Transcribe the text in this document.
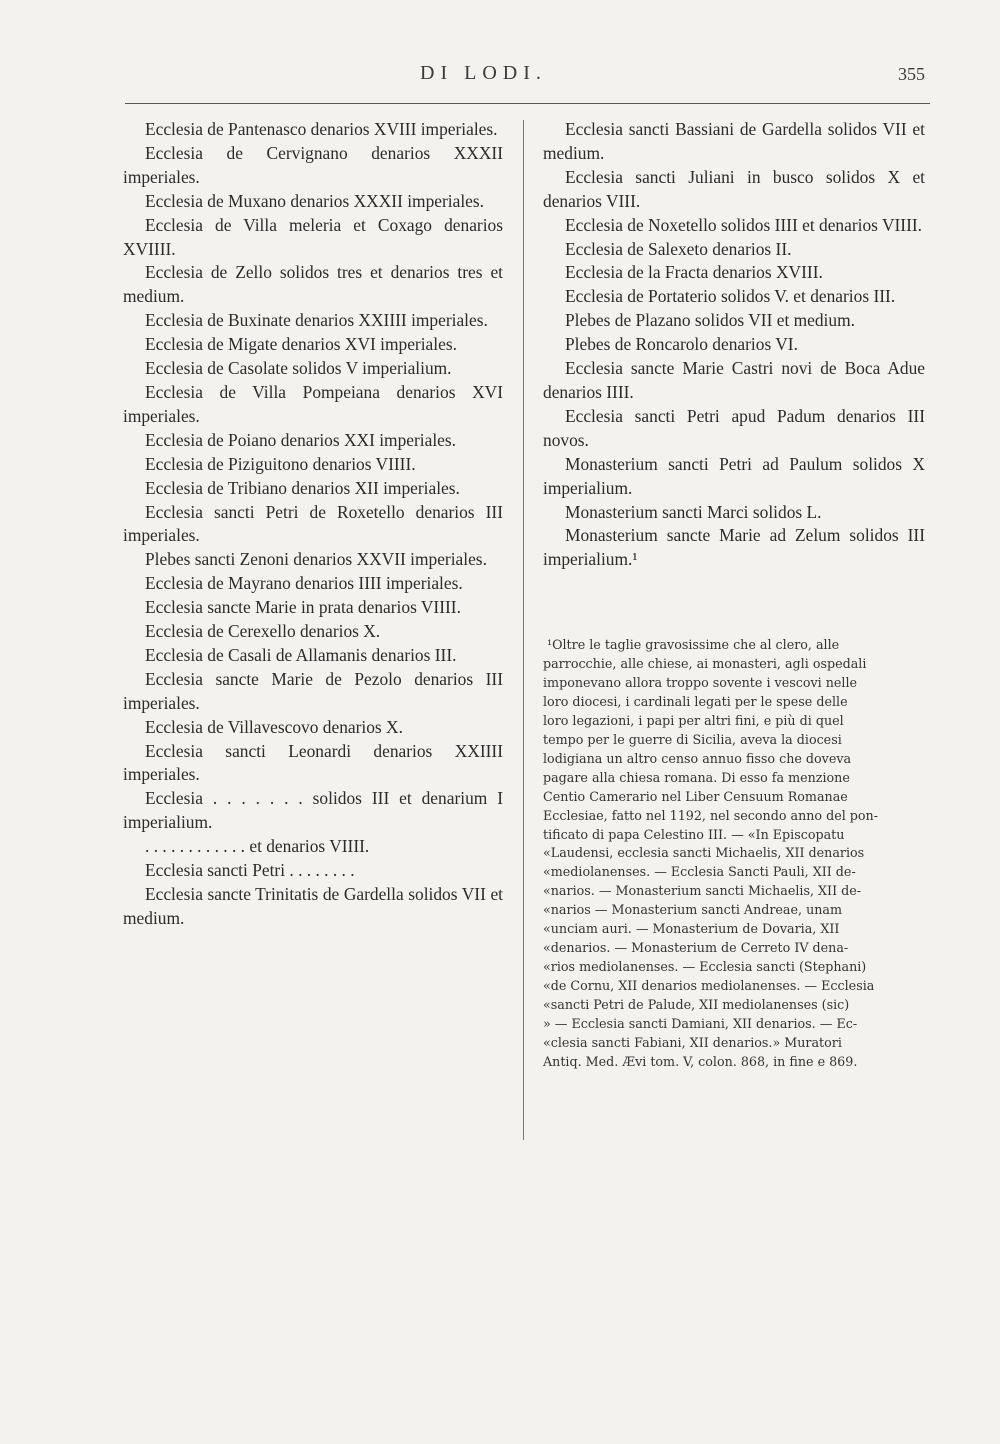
DI LODI.	355

Ecclesia de Pantenasco denarios XVIII imperiales.

Ecclesia de Cervignano denarios XXXII imperiales.

Ecclesia de Muxano denarios XXXII imperiales.

Ecclesia de Villa meleria et Coxago denarios XVIIII.

Ecclesia de Zello solidos tres et denarios tres et medium.

Ecclesia de Buxinate denarios XXIIII imperiales.

Ecclesia de Migate denarios XVI imperiales.

Ecclesia de Casolate solidos V imperialium.

Ecclesia de Villa Pompeiana denarios XVI imperiales.

Ecclesia de Poiano denarios XXI imperiales.

Ecclesia de Piziguitono denarios VIIII.

Ecclesia de Tribiano denarios XII imperiales.

Ecclesia sancti Petri de Roxetello denarios III imperiales.

Plebes sancti Zenoni denarios XXVII imperiales.

Ecclesia de Mayrano denarios IIII imperiales.

Ecclesia sancte Marie in prata denarios VIIII.

Ecclesia de Cerexello denarios X.

Ecclesia de Casali de Allamanis denarios III.

Ecclesia sancte Marie de Pezolo denarios III imperiales.

Ecclesia de Villavescovo denarios X.

Ecclesia sancti Leonardi denarios XXIIII imperiales.

Ecclesia . . . . . . . solidos III et denarium I imperialium.

. . . . . . . . . . . . et denarios VIIII.

Ecclesia sancti Petri . . . . . . . .

Ecclesia sancte Trinitatis de Gardella solidos VII et medium.

Ecclesia sancti Bassiani de Gardella solidos VII et medium.

Ecclesia sancti Juliani in busco solidos X et denarios VIII.

Ecclesia de Noxetello solidos IIII et denarios VIIII.

Ecclesia de Salexeto denarios II.

Ecclesia de la Fracta denarios XVIII.

Ecclesia de Portaterio solidos V. et denarios III.

Plebes de Plazano solidos VII et medium.

Plebes de Roncarolo denarios VI.

Ecclesia sancte Marie Castri novi de Boca Adue denarios IIII.

Ecclesia sancti Petri apud Padum denarios III novos.

Monasterium sancti Petri ad Paulum solidos X imperialium.

Monasterium sancti Marci solidos L.

Monasterium sancte Marie ad Zelum solidos III imperialium.¹

¹Oltre le taglie gravosissime che al clero, alle
parrocchie, alle chiese, ai monasteri, agli ospedali
imponevano allora troppo sovente i vescovi nelle
loro diocesi, i cardinali legati per le spese delle
loro legazioni, i papi per altri fini, e più di quel
tempo per le guerre di Sicilia, aveva la diocesi
lodigiana un altro censo annuo fisso che doveva
pagare alla chiesa romana. Di esso fa menzione
Centio Camerario nel Liber Censuum Romanae
Ecclesiae, fatto nel 1192, nel secondo anno del pon-
tificato di papa Celestino III. — «In Episcopatu
«Laudensi, ecclesia sancti Michaelis, XII denarios
«mediolanenses. — Ecclesia Sancti Pauli, XII de-
«narios. — Monasterium sancti Michaelis, XII de-
«narios — Monasterium sancti Andreae, unam
«unciam auri. — Monasterium de Dovaria, XII
«denarios. — Monasterium de Cerreto IV dena-
«rios mediolanenses. — Ecclesia sancti (Stephani)
«de Cornu, XII denarios mediolanenses. — Ecclesia
«sancti Petri de Palude, XII mediolanenses (sic)
» — Ecclesia sancti Damiani, XII denarios. — Ec-
«clesia sancti Fabiani, XII denarios.» Muratori
Antiq. Med. Ævi tom. V, colon. 868, in fine e 869.
